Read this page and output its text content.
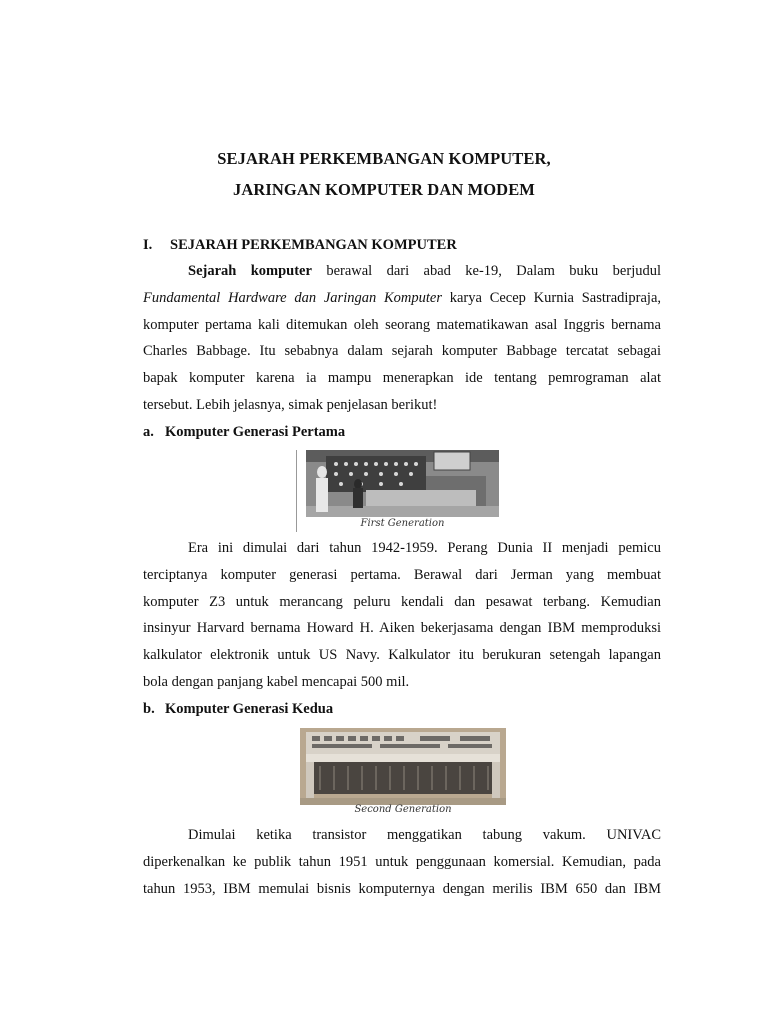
SEJARAH PERKEMBANGAN KOMPUTER,
JARINGAN KOMPUTER DAN MODEM
I. SEJARAH PERKEMBANGAN KOMPUTER
Sejarah komputer berawal dari abad ke-19, Dalam buku berjudul
Fundamental Hardware dan Jaringan Komputer karya Cecep Kurnia Sastradipraja,
komputer pertama kali ditemukan oleh seorang matematikawan asal Inggris bernama
Charles Babbage. Itu sebabnya dalam sejarah komputer Babbage tercatat sebagai
bapak komputer karena ia mampu menerapkan ide tentang pemrograman alat
tersebut. Lebih jelasnya, simak penjelasan berikut!
a. Komputer Generasi Pertama
First Generation
Era ini dimulai dari tahun 1942-1959. Perang Dunia II menjadi pemicu
terciptanya komputer generasi pertama. Berawal dari Jerman yang membuat
komputer Z3 untuk merancang peluru kendali dan pesawat terbang. Kemudian
insinyur Harvard bernama Howard H. Aiken bekerjasama dengan IBM memproduksi
kalkulator elektronik untuk US Navy. Kalkulator itu berukuran setengah lapangan
bola dengan panjang kabel mencapai 500 mil.
b. Komputer Generasi Kedua
Second Generation
Dimulai ketika transistor menggatikan tabung vakum. UNIVAC
diperkenalkan ke publik tahun 1951 untuk penggunaan komersial. Kemudian, pada
tahun 1953, IBM memulai bisnis komputernya dengan merilis IBM 650 dan IBM
